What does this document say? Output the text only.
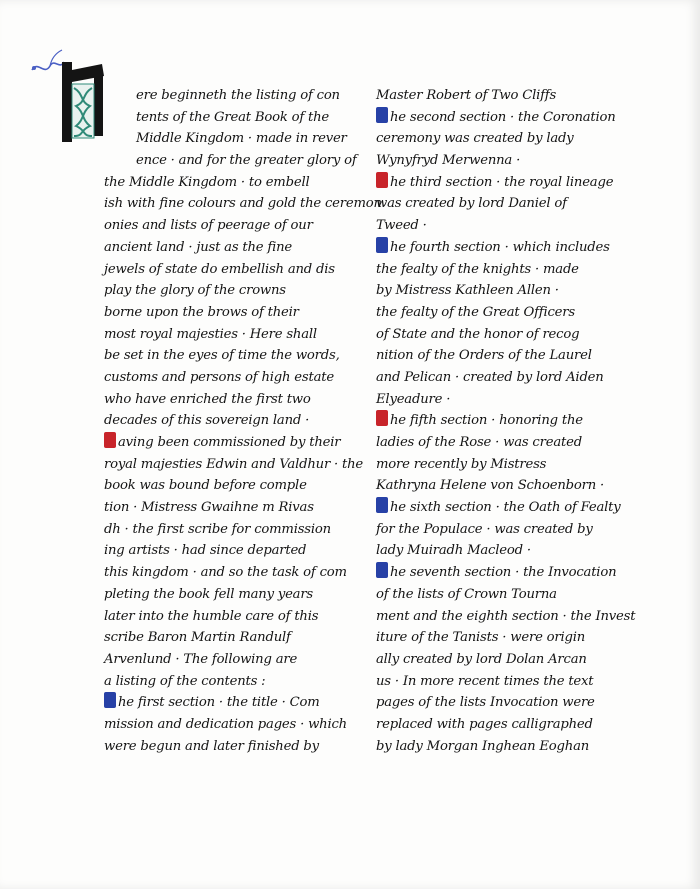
ere beginneth the listing of con
tents of the Great Book of the
Middle Kingdom · made in rever
ence · and for the greater glory of
the Middle Kingdom · to embell
ish with fine colours and gold the ceremon
onies and lists of peerage of our
ancient land · just as the fine
jewels of state do embellish and dis
play the glory of the crowns
borne upon the brows of their
most royal majesties · Here shall
be set in the eyes of time the words,
customs and persons of high estate
who have enriched the first two
decades of this sovereign land ·
aving been commissioned by their
royal majesties Edwin and Valdhur · the
book was bound before comple
tion · Mistress Gwaihne m Rivas
dh · the first scribe for commission
ing artists · had since departed
this kingdom · and so the task of com
pleting the book fell many years
later into the humble care of this
scribe Baron Martin Randulf
Arvenlund · The following are
a listing of the contents :
he first section · the title · Com
mission and dedication pages · which
were begun and later finished by
Master Robert of Two Cliffs
he second section · the Coronation
ceremony was created by lady
Wynyfryd Merwenna ·
he third section · the royal lineage
was created by lord Daniel of
Tweed ·
he fourth section · which includes
the fealty of the knights · made
by Mistress Kathleen Allen ·
the fealty of the Great Officers
of State and the honor of recog
nition of the Orders of the Laurel
and Pelican · created by lord Aiden
Elyeadure ·
he fifth section · honoring the
ladies of the Rose · was created
more recently by Mistress
Kathryna Helene von Schoenborn ·
he sixth section · the Oath of Fealty
for the Populace · was created by
lady Muiradh Macleod ·
he seventh section · the Invocation
of the lists of Crown Tourna
ment and the eighth section · the Invest
iture of the Tanists · were origin
ally created by lord Dolan Arcan
us · In more recent times the text
pages of the lists Invocation were
replaced with pages calligraphed
by lady Morgan Inghean Eoghan
